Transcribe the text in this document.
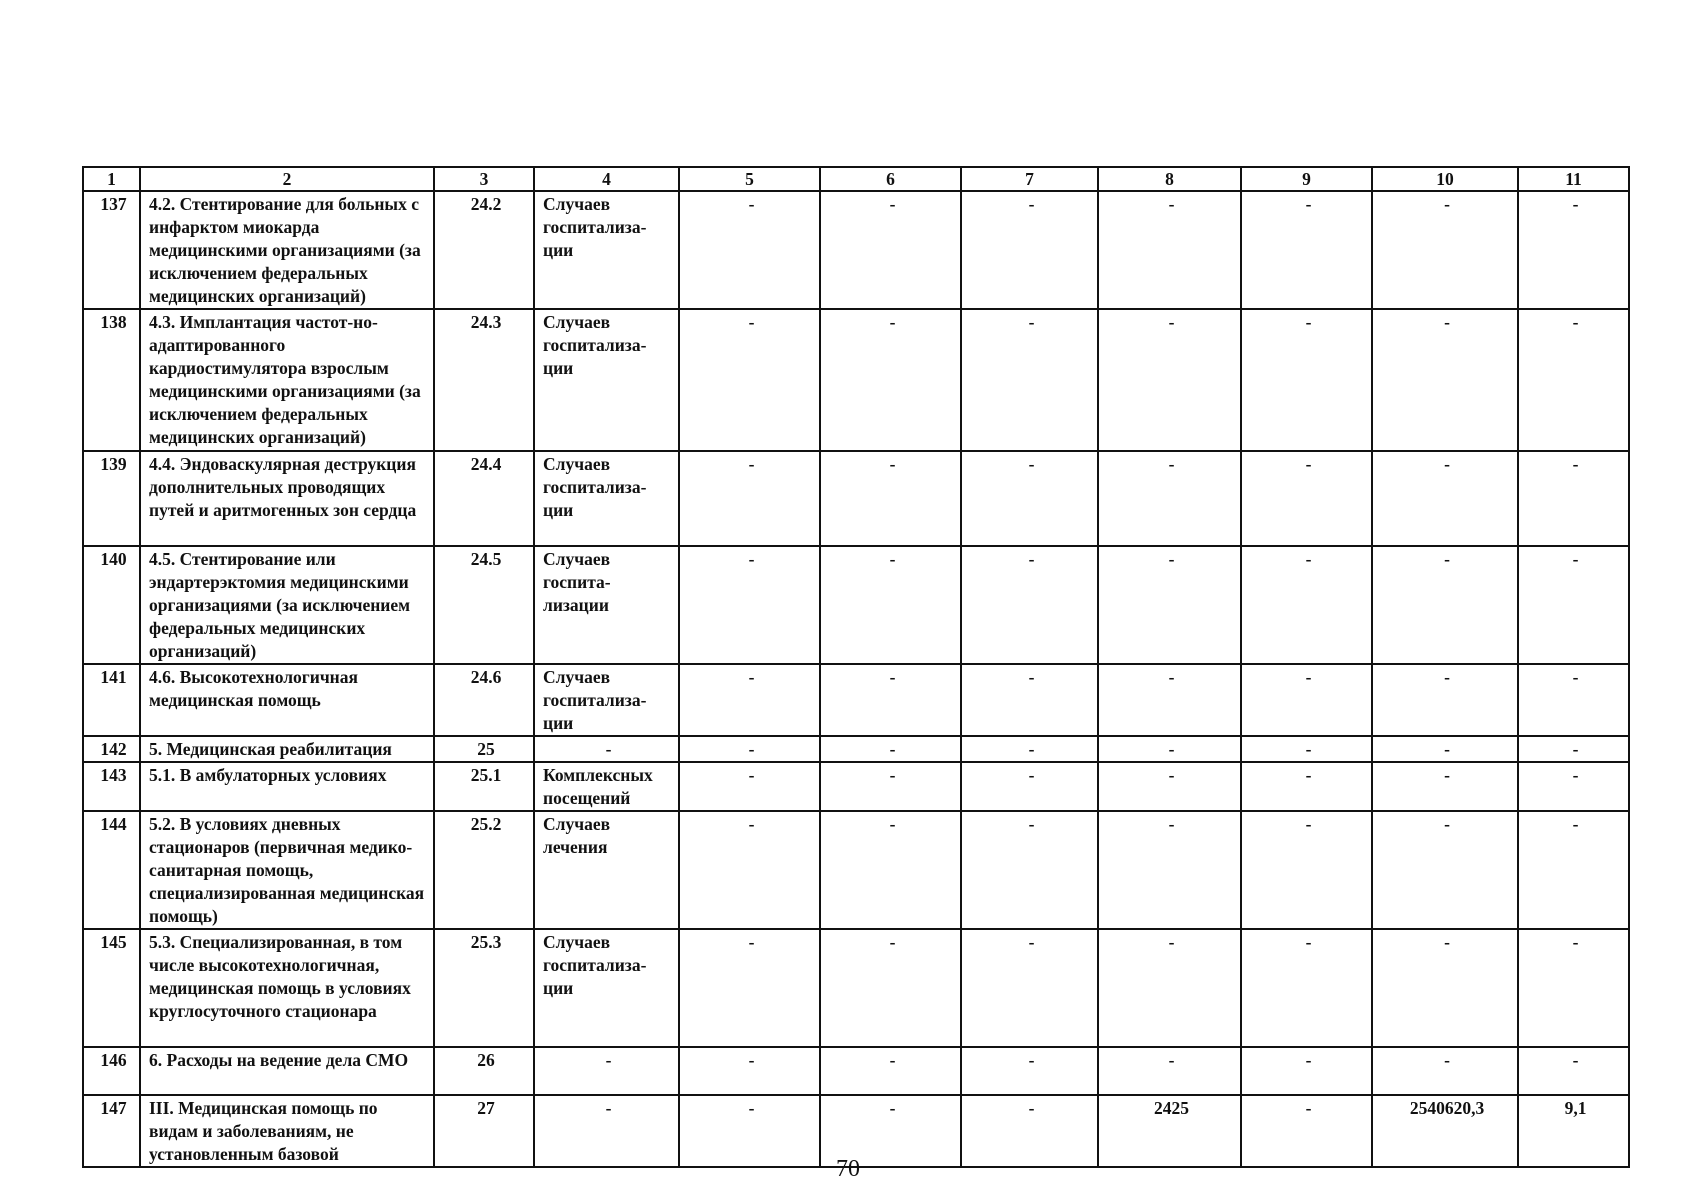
1	2	3	4	5	6	7	8	9	10	11
137	4.2. Стентирование для больных с инфарктом миокарда медицинскими организациями (за исключением федеральных медицинских организаций)	24.2	Случаев госпитализа-ции	-	-	-	-	-	-	-
138	4.3. Имплантация частот-но-адаптированного кардиостимулятора взрослым медицинскими организациями (за исключением федеральных медицинских организаций)	24.3	Случаев госпитализа-ции	-	-	-	-	-	-	-
139	4.4. Эндоваскулярная деструкция дополнительных проводящих путей и аритмогенных зон сердца	24.4	Случаев госпитализа-ции	-	-	-	-	-	-	-
140	4.5. Стентирование или эндартерэктомия медицинскими организациями (за исключением федеральных медицинских организаций)	24.5	Случаев госпита-лизации	-	-	-	-	-	-	-
141	4.6. Высокотехнологичная медицинская помощь	24.6	Случаев госпитализа-ции	-	-	-	-	-	-	-
142	5. Медицинская реабилитация	25	-	-	-	-	-	-	-	-
143	5.1. В амбулаторных условиях	25.1	Комплексных посещений	-	-	-	-	-	-	-
144	5.2. В условиях дневных стационаров (первичная медико-санитарная помощь, специализированная медицинская помощь)	25.2	Случаев лечения	-	-	-	-	-	-	-
145	5.3. Специализированная, в том числе высокотехнологичная, медицинская помощь в условиях круглосуточного стационара	25.3	Случаев госпитализа-ции	-	-	-	-	-	-	-
146	6. Расходы на ведение дела СМО	26	-	-	-	-	-	-	-	-
147	III. Медицинская помощь по видам и заболеваниям, не установленным базовой	27	-	-	-	-	2425	-	2540620,3	9,1
70
